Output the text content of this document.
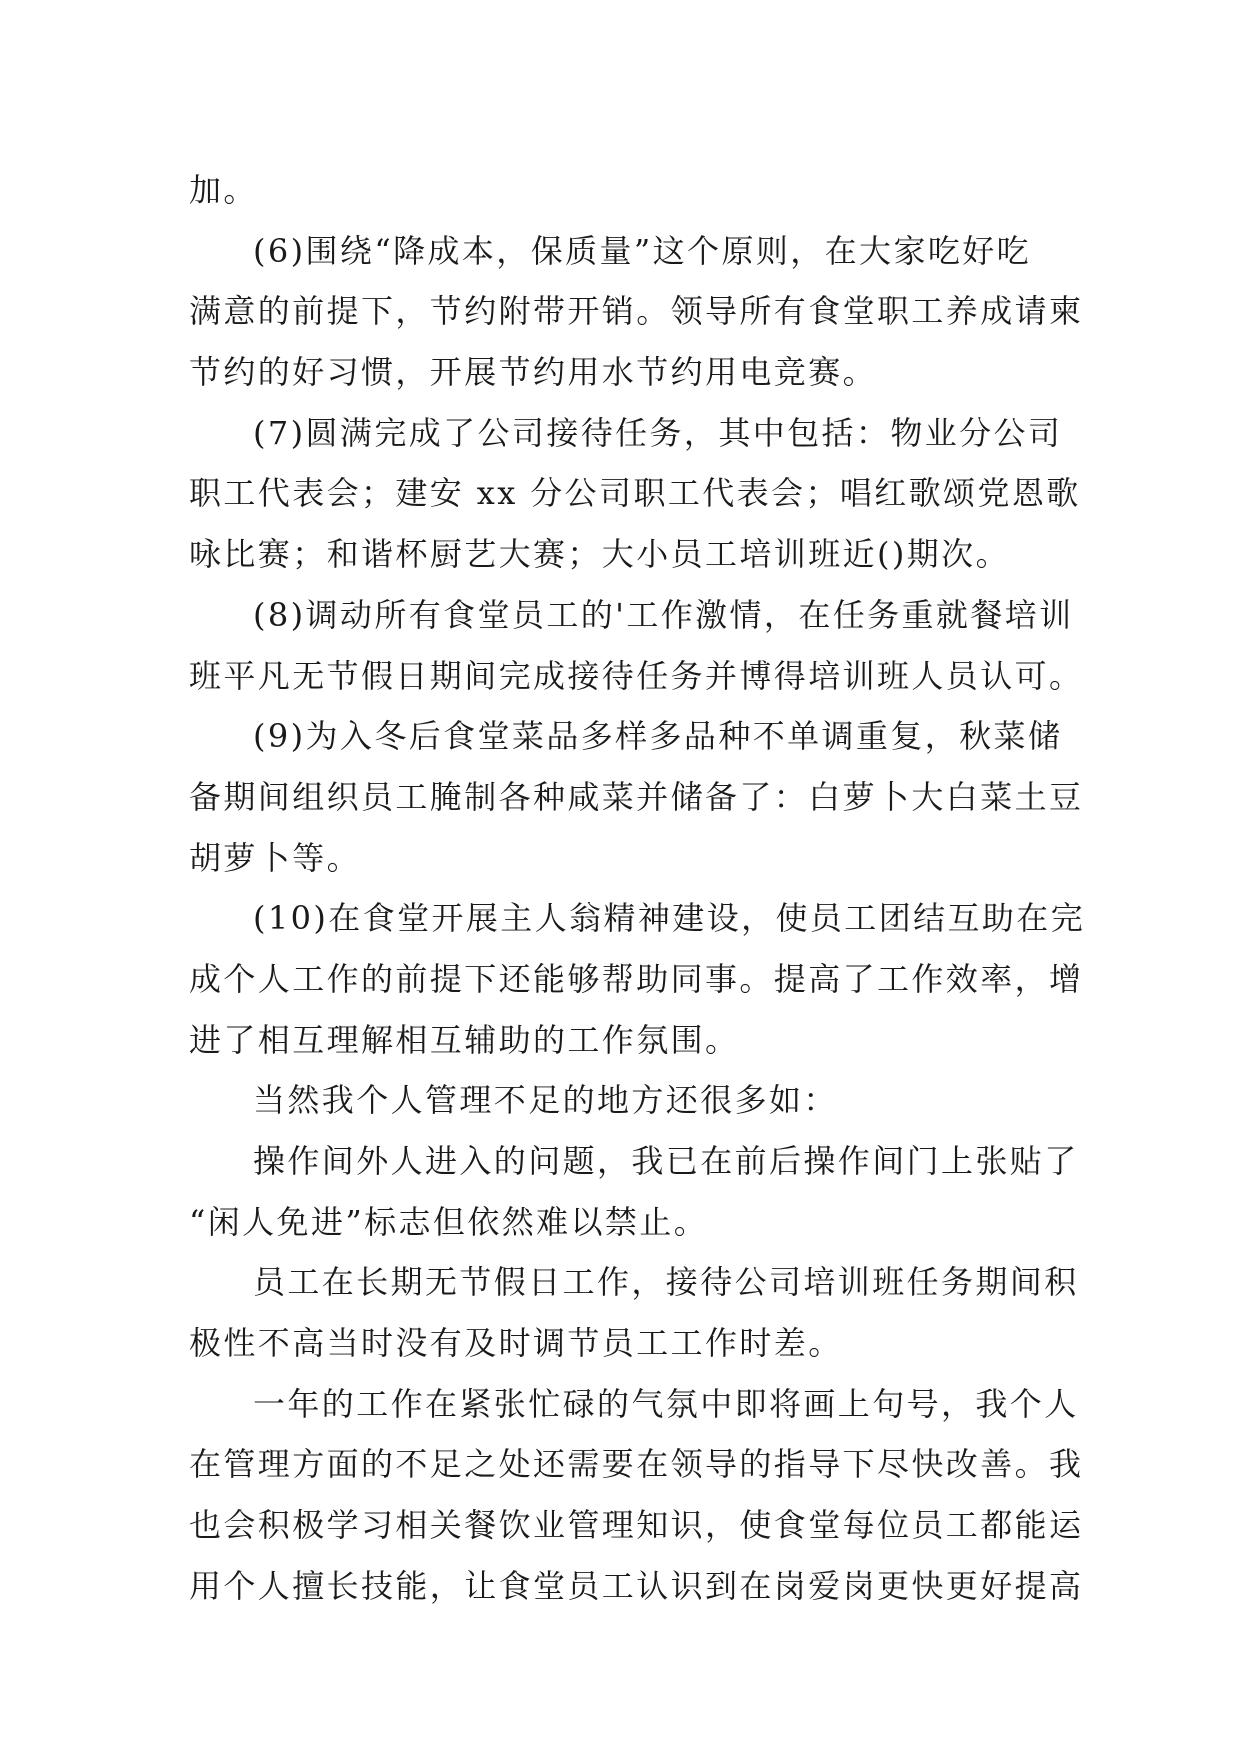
加。
(6)围绕“降成本，保质量”这个原则，在大家吃好吃
满意的前提下，节约附带开销。领导所有食堂职工养成请柬
节约的好习惯，开展节约用水节约用电竞赛。
(7)圆满完成了公司接待任务，其中包括：物业分公司
职工代表会；建安 xx 分公司职工代表会；唱红歌颂党恩歌
咏比赛；和谐杯厨艺大赛；大小员工培训班近()期次。
(8)调动所有食堂员工的'工作激情，在任务重就餐培训
班平凡无节假日期间完成接待任务并博得培训班人员认可。
(9)为入冬后食堂菜品多样多品种不单调重复，秋菜储
备期间组织员工腌制各种咸菜并储备了：白萝卜大白菜土豆
胡萝卜等。
(10)在食堂开展主人翁精神建设，使员工团结互助在完
成个人工作的前提下还能够帮助同事。提高了工作效率，增
进了相互理解相互辅助的工作氛围。
当然我个人管理不足的地方还很多如：
操作间外人进入的问题，我已在前后操作间门上张贴了
“闲人免进”标志但依然难以禁止。
员工在长期无节假日工作，接待公司培训班任务期间积
极性不高当时没有及时调节员工工作时差。
一年的工作在紧张忙碌的气氛中即将画上句号，我个人
在管理方面的不足之处还需要在领导的指导下尽快改善。我
也会积极学习相关餐饮业管理知识，使食堂每位员工都能运
用个人擅长技能，让食堂员工认识到在岗爱岗更快更好提高
